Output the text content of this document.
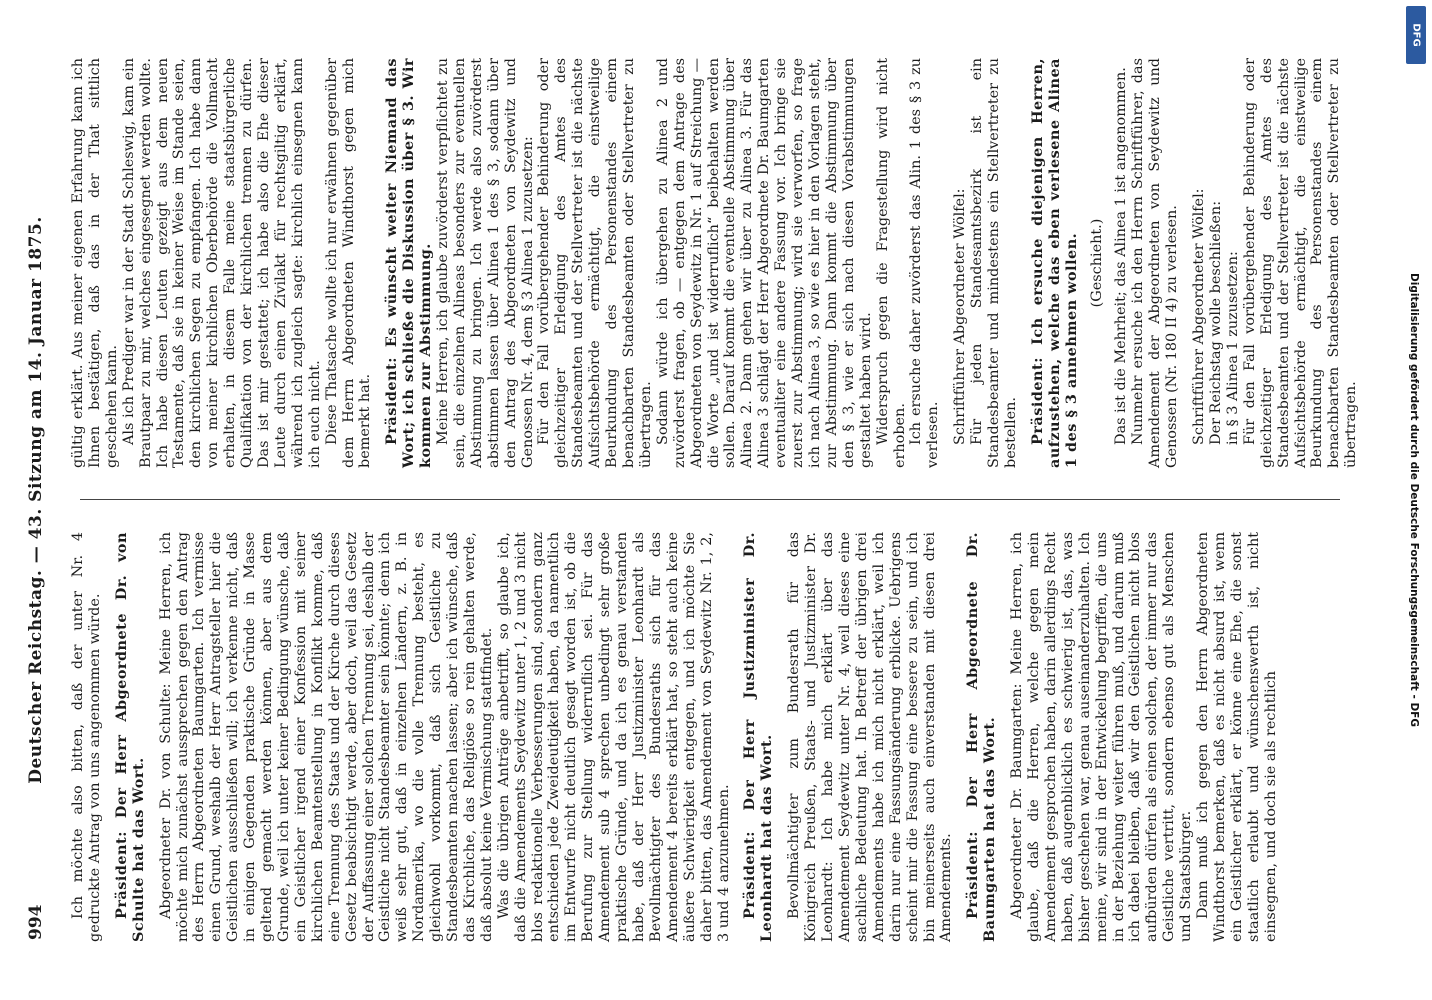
994
Deutscher Reichstag. — 43. Sitzung am 14. Januar 1875. Ich möchte also bitten, daß der unter Nr. 4 gedruckte Antrag von uns angenommen würde. Präsident: Der Herr Abgeordnete Dr. von Schulte hat das Wort. Abgeordneter Dr. von Schulte: Meine Herren, ich möchte mich zunächst aussprechen gegen den Antrag des Herrn Abgeordneten Baumgarten. Ich vermisse einen Grund, weshalb der Herr Antragsteller hier die Geistlichen ausschließen will; ich verkenne nicht, daß in einigen Gegenden praktische Gründe in Masse geltend gemacht werden können, aber aus dem Grunde, weil ich unter keiner Bedingung wünsche, daß ein Geistlicher irgend einer Konfession mit seiner kirchlichen Beamtenstellung in Konflikt komme, daß eine Trennung des Staats und der Kirche durch dieses Gesetz beabsichtigt werde, aber doch, weil das Gesetz der Auffassung einer solchen Trennung sei, deshalb der Geistliche nicht Standesbeamter sein könnte; denn ich weiß sehr gut, daß in einzelnen Ländern, z. B. in Nordamerika, wo die volle Trennung besteht, es gleichwohl vorkommt, daß sich Geistliche zu Standesbeamten machen lassen; aber ich wünsche, daß das Kirchliche, das Religiöse so rein gehalten werde, daß absolut keine Vermischung stattfindet. Was die übrigen Anträge anbetrifft, so glaube ich, daß die Amendements Seydewitz unter 1, 2 und 3 nicht blos redaktionelle Verbesserungen sind, sondern ganz entschieden jede Zweideutigkeit haben, da namentlich im Entwurfe nicht deutlich gesagt worden ist, ob die Berufung zur Stellung widerruflich sei. Für das Amendement sub 4 sprechen unbedingt sehr große praktische Gründe, und da ich es genau verstanden habe, daß der Herr Justizminister Leonhardt als Bevollmächtigter des Bundesraths sich für das Amendement 4 bereits erklärt hat, so steht auch keine äußere Schwierigkeit entgegen, und ich möchte Sie daher bitten, das Amendement von Seydewitz Nr. 1, 2, 3 und 4 anzunehmen. Präsident: Der Herr Justizminister Dr. Leonhardt hat das Wort. Bevollmächtigter zum Bundesrath für das Königreich Preußen, Staats- und Justizminister Dr. Leonhardt: Ich habe mich erklärt über das Amendement Seydewitz unter Nr. 4, weil dieses eine sachliche Bedeutung hat. In Betreff der übrigen drei Amendements habe ich mich nicht erklärt, weil ich darin nur eine Fassungsänderung erblicke. Uebrigens scheint mir die Fassung eine bessere zu sein, und ich bin meinerseits auch einverstanden mit diesen drei Amendements. Präsident: Der Herr Abgeordnete Dr. Baumgarten hat das Wort. Abgeordneter Dr. Baumgarten: Meine Herren, ich glaube, daß die Herren, welche gegen mein Amendement gesprochen haben, darin allerdings Recht haben, daß augenblicklich es schwierig ist, das, was bisher geschehen war, genau auseinanderzuhalten. Ich meine, wir sind in der Entwickelung begriffen, die uns in der Beziehung weiter führen muß, und darum muß ich dabei bleiben, daß wir den Geistlichen nicht blos aufbürden dürfen als einen solchen, der immer nur das Geistliche vertritt, sondern ebenso gut als Menschen und Staatsbürger. Dann muß ich gegen den Herrn Abgeordneten Windthorst bemerken, daß es nicht absurd ist, wenn ein Geistlicher erklärt, er könne eine Ehe, die sonst staatlich erlaubt und wünschenswerth ist, nicht einsegnen, und doch sie als rechtlich

gültig erklärt. Aus meiner eigenen Erfahrung kann ich Ihnen bestätigen, daß das in der That sittlich geschehen kann. Als ich Prediger war in der Stadt Schleswig, kam ein Brautpaar zu mir, welches eingesegnet werden wollte. Ich habe diesen Leuten gezeigt aus dem neuen Testamente, daß sie in keiner Weise im Stande seien, den kirchlichen Segen zu empfangen. Ich habe dann von meiner kirchlichen Oberbehörde die Vollmacht erhalten, in diesem Falle meine staatsbürgerliche Qualifikation von der kirchlichen trennen zu dürfen. Das ist mir gestattet; ich habe also die Ehe dieser Leute durch einen Zivilakt für rechtsgiltig erklärt, während ich zugleich sagte: kirchlich einsegnen kann ich euch nicht. Diese Thatsache wollte ich nur erwähnen gegenüber dem Herrn Abgeordneten Windthorst gegen mich bemerkt hat. Präsident: Es wünscht weiter Niemand das Wort; ich schließe die Diskussion über § 3. Wir kommen zur Abstimmung. Meine Herren, ich glaube zuvörderst verpflichtet zu sein, die einzelnen Alineas besonders zur eventuellen Abstimmung zu bringen. Ich werde also zuvörderst abstimmen lassen über Alinea 1 des § 3, sodann über den Antrag des Abgeordneten von Seydewitz und Genossen Nr. 4, dem § 3 Alinea 1 zuzusetzen: Für den Fall vorübergehender Behinderung oder gleichzeitiger Erledigung des Amtes des Standesbeamten und der Stellvertreter ist die nächste Aufsichtsbehörde ermächtigt, die einstweilige Beurkundung des Personenstandes einem benachbarten Standesbeamten oder Stellvertreter zu übertragen. Sodann würde ich übergehen zu Alinea 2 und zuvörderst fragen, ob — entgegen dem Antrage des Abgeordneten von Seydewitz in Nr. 1 auf Streichung — die Worte „und ist widerruflich“ beibehalten werden sollen. Darauf kommt die eventuelle Abstimmung über Alinea 2. Dann gehen wir über zu Alinea 3. Für das Alinea 3 schlägt der Herr Abgeordnete Dr. Baumgarten eventualiter eine andere Fassung vor. Ich bringe sie zuerst zur Abstimmung; wird sie verworfen, so frage ich nach Alinea 3, so wie es hier in den Vorlagen steht, zur Abstimmung. Dann kommt die Abstimmung über den § 3, wie er sich nach diesen Vorabstimmungen gestaltet haben wird. Widerspruch gegen die Fragestellung wird nicht erhoben. Ich ersuche daher zuvörderst das Alin. 1 des § 3 zu verlesen. Schriftführer Abgeordneter Wölfel: Für jeden Standesamtsbezirk ist ein Standesbeamter und mindestens ein Stellvertreter zu bestellen. Präsident: Ich ersuche diejenigen Herren, aufzustehen, welche das eben verlesene Alinea 1 des § 3 annehmen wollen. (Geschieht.) Das ist die Mehrheit; das Alinea 1 ist angenommen. Nunmehr ersuche ich den Herrn Schriftführer, das Amendement der Abgeordneten von Seydewitz und Genossen (Nr. 180 II 4) zu verlesen. Schriftführer Abgeordneter Wölfel: Der Reichstag wolle beschließen: in § 3 Alinea 1 zuzusetzen: Für den Fall vorübergehender Behinderung oder gleichzeitiger Erledigung des Amtes des Standesbeamten und der Stellvertreter ist die nächste Aufsichtsbehörde ermächtigt, die einstweilige Beurkundung des Personenstandes einem benachbarten Standesbeamten oder Stellvertreter zu übertragen.	Digitalisierung gefördert durch die Deutsche Forschungsgemeinschaft - DFG
DFG
